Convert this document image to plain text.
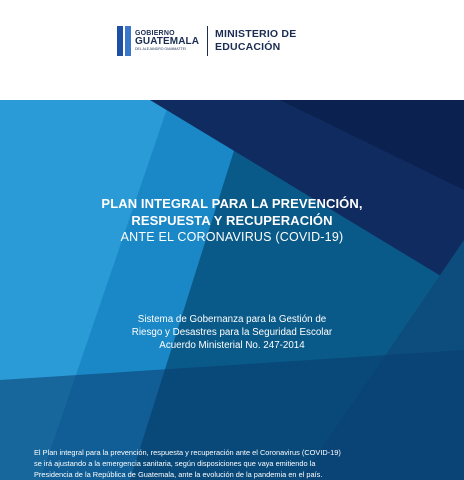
GOBIERNO
GUATEMALA
DEL ALEJANDRO GIAMMATTEI
MINISTERIO DE
EDUCACIÓN
PLAN INTEGRAL PARA LA PREVENCIÓN,
RESPUESTA Y RECUPERACIÓN
ANTE EL CORONAVIRUS (COVID-19)
Sistema de Gobernanza para la Gestión de
Riesgo y Desastres para la Seguridad Escolar
Acuerdo Ministerial No. 247-2014
El Plan integral para la prevención, respuesta y recuperación ante el Coronavirus (COVID-19)
se irá ajustando a la emergencia sanitaria, según disposiciones que vaya emitiendo la
Presidencia de la República de Guatemala, ante la evolución de la pandemia en el país.
